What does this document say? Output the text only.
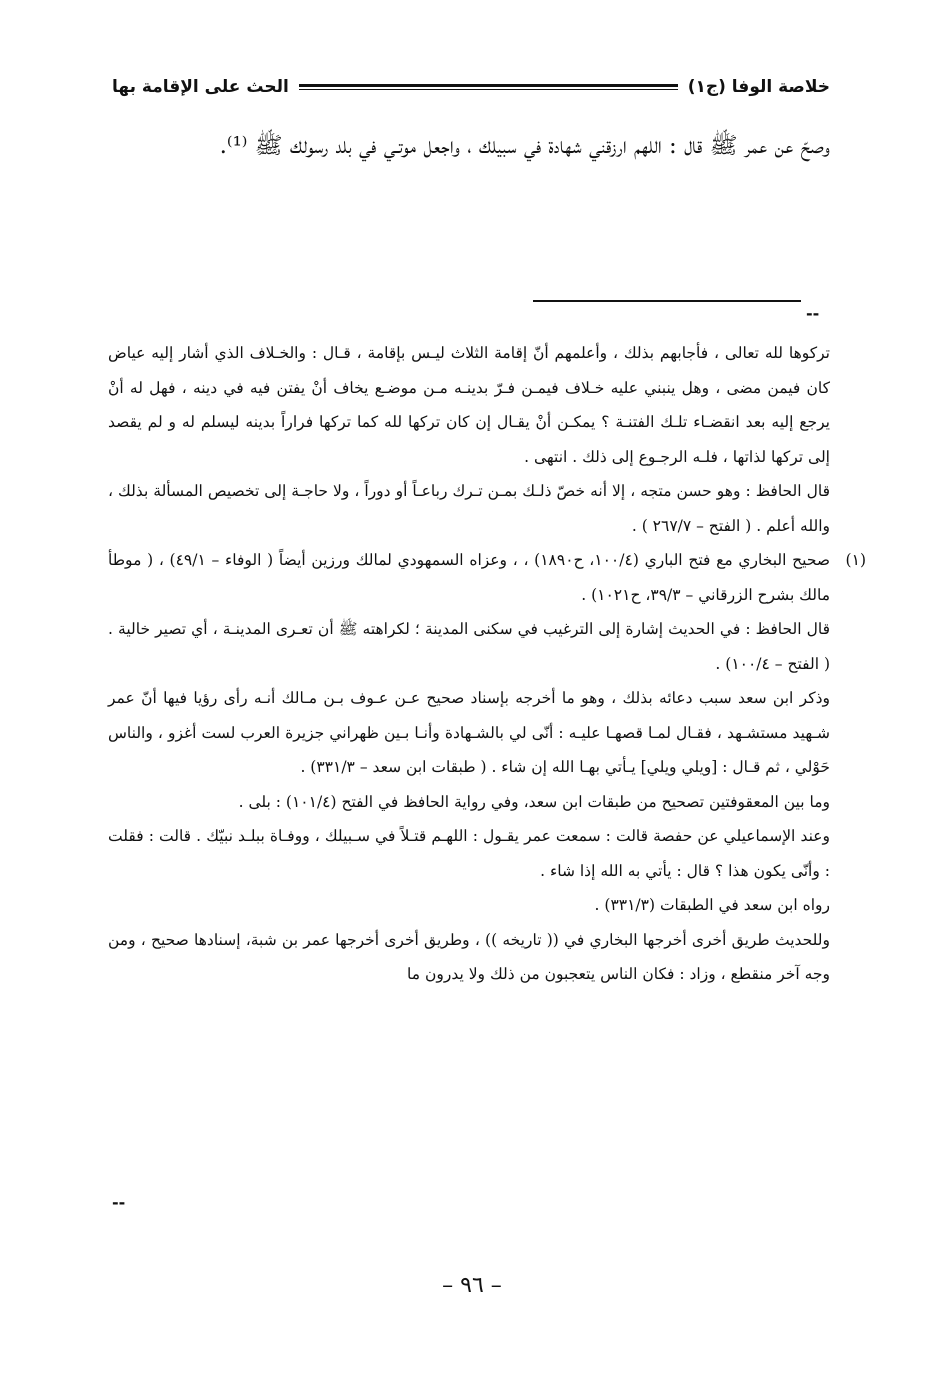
خلاصة الوفا (ج١)
الحث على الإقامة بها

وصحّ عن عمر ﷺ قال : اللهم ارزقني شهادة في سبيلك ، واجعل موتـي في بلد رسولك ﷺ ⁽¹⁾.

--

تركوها لله تعالى ، فأجابهم بذلك ، وأعلمهم أنّ إقامة الثلاث ليـس بإقامة ، قـال : والخـلاف الذي أشار إليه عياض كان فيمن مضى ، وهل ينبني عليه خـلاف فيمـن فـرّ بدينـه مـن موضـع يخاف أنْ يفتن فيه في دينه ، فهل له أنْ يرجع إليه بعد انقضـاء تلـك الفتنـة ؟ يمكـن أنْ يقـال إن كان تركها لله كما تركها فراراً بدينه ليسلم له و لم يقصد إلى تركها لذاتها ، فلـه الرجـوع إلى ذلك . انتهى .

قال الحافظ : وهو حسن متجه ، إلا أنه خصّ ذلـك بمـن تـرك رباعـاً أو دوراً ، ولا حاجـة إلى تخصيص المسألة بذلك ، والله أعلم . ( الفتح – ٢٦٧/٧ ) .

(١)

صحيح البخاري مع فتح الباري (١٠٠/٤، ح١٨٩٠) ، ، وعزاه السمهودي لمالك ورزين أيضاً ( الوفاء – ٤٩/١) ، ( موطأ مالك بشرح الزرقاني – ٣٩/٣، ح١٠٢١) .

قال الحافظ : في الحديث إشارة إلى الترغيب في سكنى المدينة ؛ لكراهته ﷺ أن تعـرى المدينـة ، أي تصير خالية . ( الفتح – ١٠٠/٤) .

وذكر ابن سعد سبب دعائه بذلك ، وهو ما أخرجه بإسناد صحيح عـن عـوف بـن مـالك أنـه رأى رؤيا فيها أنّ عمر شـهيد مستشـهد ، فقـال لمـا قصهـا عليـه : أنّى لي بالشـهادة وأنـا بـين ظهراني جزيرة العرب لست أغزو ، والناس حَوْلي ، ثم قـال : [ويلي ويلي] يـأتي بهـا الله إن شاء . ( طبقات ابن سعد – ٣٣١/٣) .

وما بين المعقوفتين تصحيح من طبقات ابن سعد، وفي رواية الحافظ في الفتح (١٠١/٤) : بلى .

وعند الإسماعيلي عن حفصة قالت : سمعت عمر يقـول : اللهـم قتـلاً في سـبيلك ، ووفـاة ببلـد نبيّك . قالت : فقلت : وأنّى يكون هذا ؟ قال : يأتي به الله إذا شاء .

رواه ابن سعد في الطبقات (٣٣١/٣) .

وللحديث طريق أخرى أخرجها البخاري في (( تاريخه )) ، وطريق أخرى أخرجها عمر بن شبة، إسنادها صحيح ، ومن وجه آخر منقطع ، وزاد : فكان الناس يتعجبون من ذلك ولا يدرون ما

--
– ٩٦ –
